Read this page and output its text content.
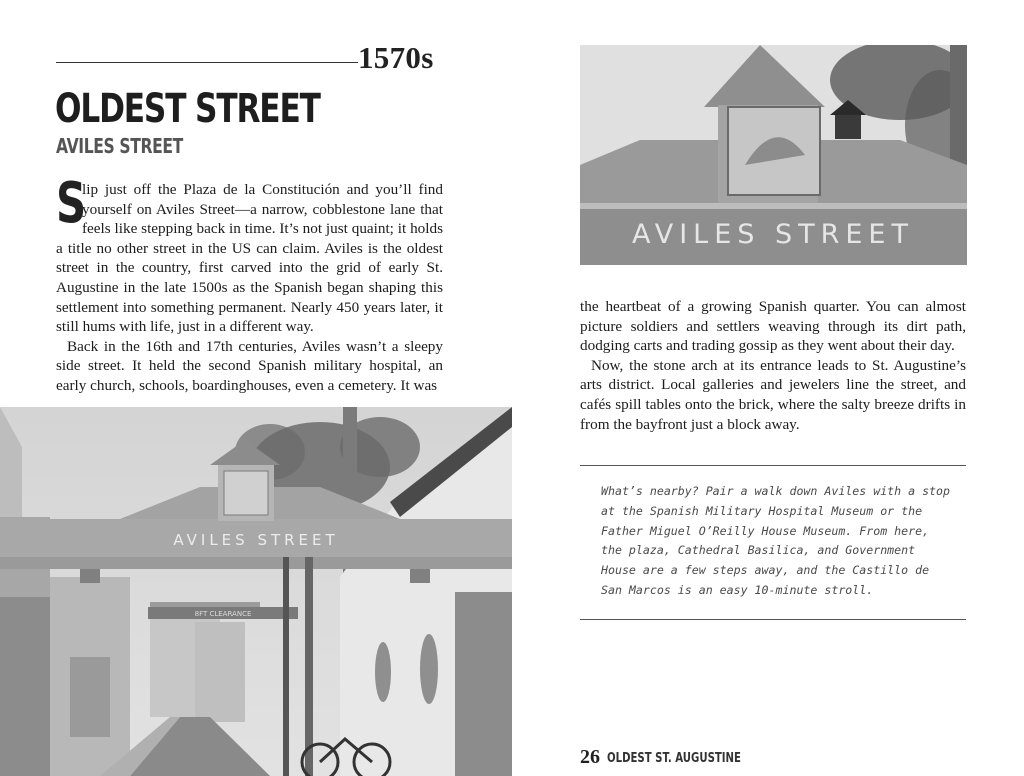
1570s
OLDEST STREET
AVILES STREET

S
lip just off the Plaza de la Constitución and you’ll find yourself on Aviles Street—a narrow, cobblestone lane that feels like stepping back in time. It’s not just quaint; it holds a title no other street in the US can claim. Aviles is the oldest street in the country, first carved into the grid of early St. Augustine in the late 1500s as the Spanish began shaping this settlement into something permanent. Nearly 450 years later, it still hums with life, just in a different way.

Back in the 16th and 17th centuries, Aviles wasn’t a sleepy side street. It held the second Spanish military hospital, an early church, schools, boardinghouses, even a cemetery. It was

AVILES STREET
8FT CLEARANCE
AVILES STREET

the heartbeat of a growing Spanish quarter. You can almost picture soldiers and settlers weaving through its dirt path, dodging carts and trading gossip as they went about their day.

Now, the stone arch at its entrance leads to St. Augustine’s arts district. Local galleries and jewelers line the street, and cafés spill tables onto the brick, where the salty breeze drifts in from the bayfront just a block away.

What’s nearby? Pair a walk down Aviles with a stop at the Spanish Military Hospital Museum or the Father Miguel O’Reilly House Museum. From here, the plaza, Cathedral Basilica, and Government House are a few steps away, and the Castillo de San Marcos is an easy 10-minute stroll.
26 OLDEST ST. AUGUSTINE
